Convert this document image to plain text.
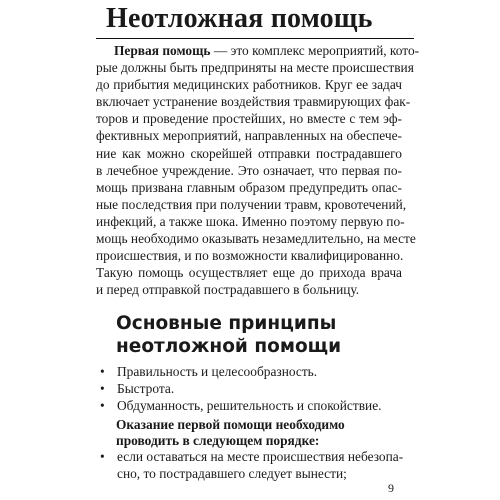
Неотложная помощь
Первая помощь — это комплекс мероприятий, кото-
рые должны быть предприняты на месте происшествия
до прибытия медицинских работников. Круг ее задач
включает устранение воздействия травмирующих фак-
торов и проведение простейших, но вместе с тем эф-
фективных мероприятий, направленных на обеспече-
ние как можно скорейшей отправки пострадавшего
в лечебное учреждение. Это означает, что первая по-
мощь призвана главным образом предупредить опас-
ные последствия при получении травм, кровотечений,
инфекций, а также шока. Именно поэтому первую по-
мощь необходимо оказывать незамедлительно, на месте
происшествия, и по возможности квалифицированно.
Такую помощь осуществляет еще до прихода врача
и перед отправкой пострадавшего в больницу.
Основные принципы
неотложной помощи
• Правильность и целесообразность.
• Быстрота.
• Обдуманность, решительность и спокойствие.
Оказание первой помощи необходимо
проводить в следующем порядке:
• если оставаться на месте происшествия небезопа-
сно, то пострадавшего следует вынести;
9
